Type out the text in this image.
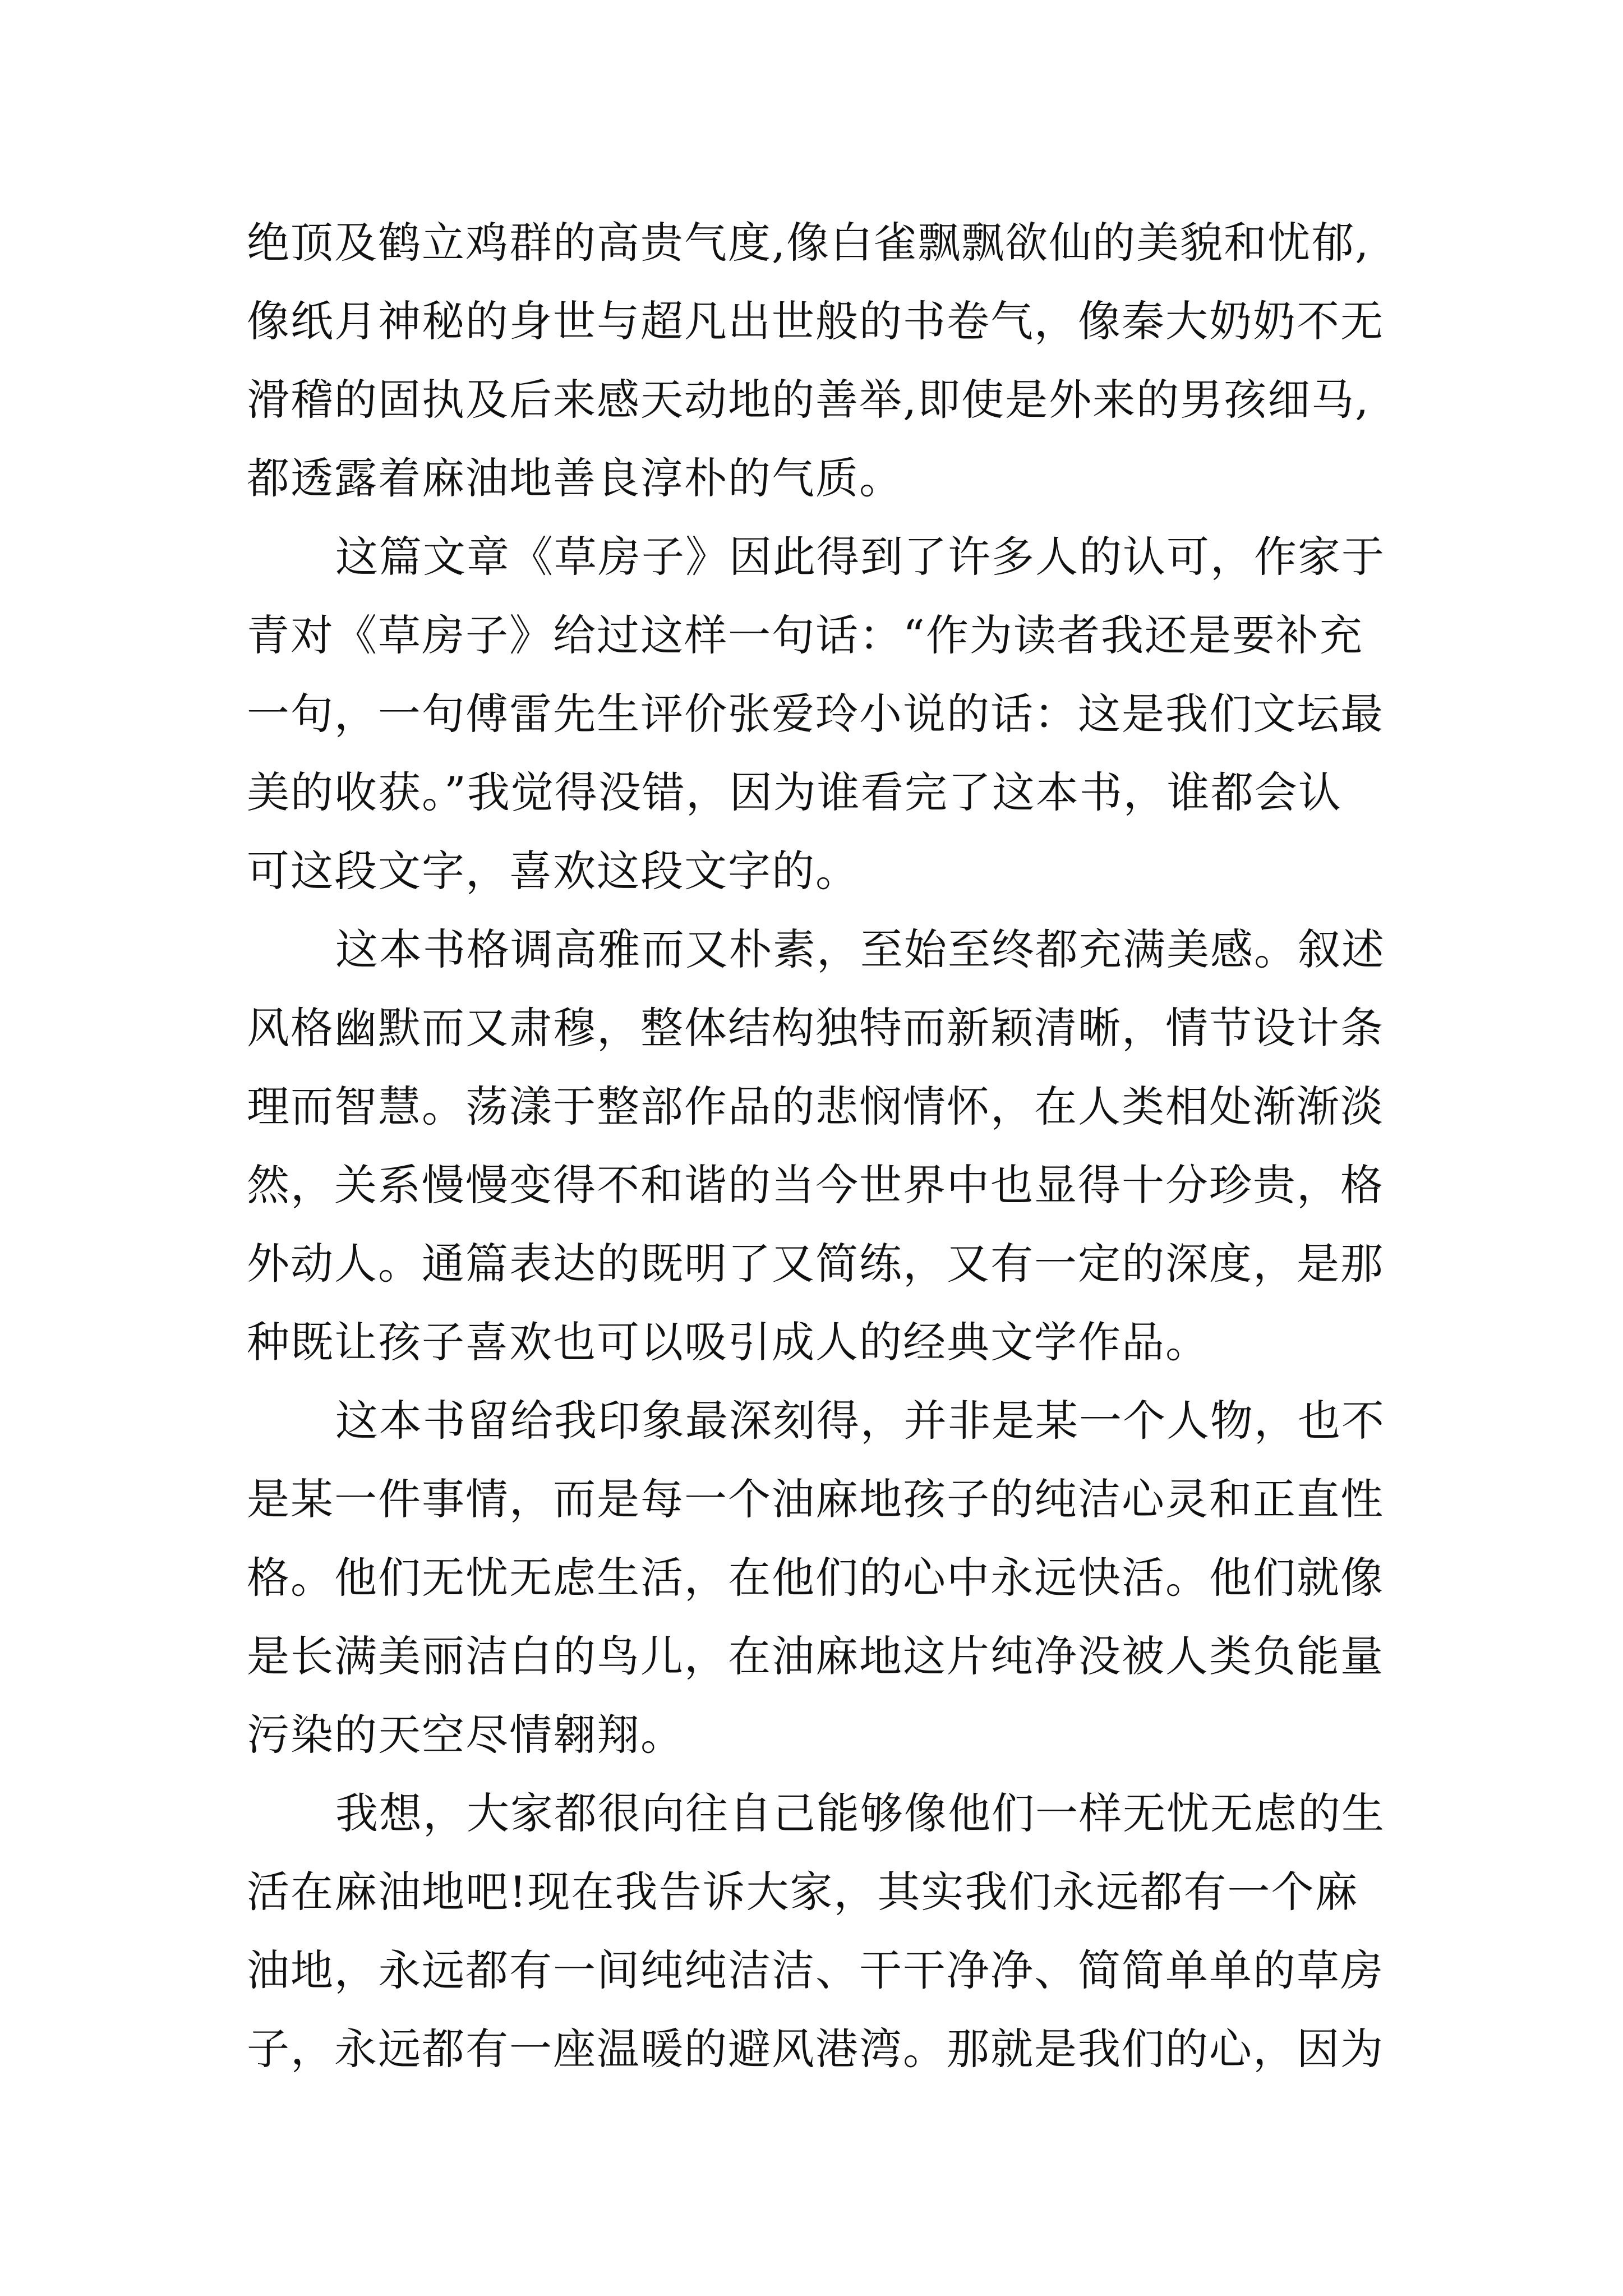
绝顶及鹤立鸡群的高贵气度,像白雀飘飘欲仙的美貌和忧郁,

像纸月神秘的身世与超凡出世般的书卷气，像秦大奶奶不无

滑稽的固执及后来感天动地的善举,即使是外来的男孩细马,

都透露着麻油地善良淳朴的气质。

这篇文章《草房子》因此得到了许多人的认可，作家于

青对《草房子》给过这样一句话：“作为读者我还是要补充

一句，一句傅雷先生评价张爱玲小说的话：这是我们文坛最

美的收获。”我觉得没错，因为谁看完了这本书，谁都会认

可这段文字，喜欢这段文字的。

这本书格调高雅而又朴素，至始至终都充满美感。叙述

风格幽默而又肃穆，整体结构独特而新颖清晰，情节设计条

理而智慧。荡漾于整部作品的悲悯情怀，在人类相处渐渐淡

然，关系慢慢变得不和谐的当今世界中也显得十分珍贵，格

外动人。通篇表达的既明了又简练，又有一定的深度，是那

种既让孩子喜欢也可以吸引成人的经典文学作品。

这本书留给我印象最深刻得，并非是某一个人物，也不

是某一件事情，而是每一个油麻地孩子的纯洁心灵和正直性

格。他们无忧无虑生活，在他们的心中永远快活。他们就像

是长满美丽洁白的鸟儿，在油麻地这片纯净没被人类负能量

污染的天空尽情翱翔。

我想，大家都很向往自己能够像他们一样无忧无虑的生

活在麻油地吧!现在我告诉大家，其实我们永远都有一个麻

油地，永远都有一间纯纯洁洁、干干净净、简简单单的草房

子，永远都有一座温暖的避风港湾。那就是我们的心，因为
